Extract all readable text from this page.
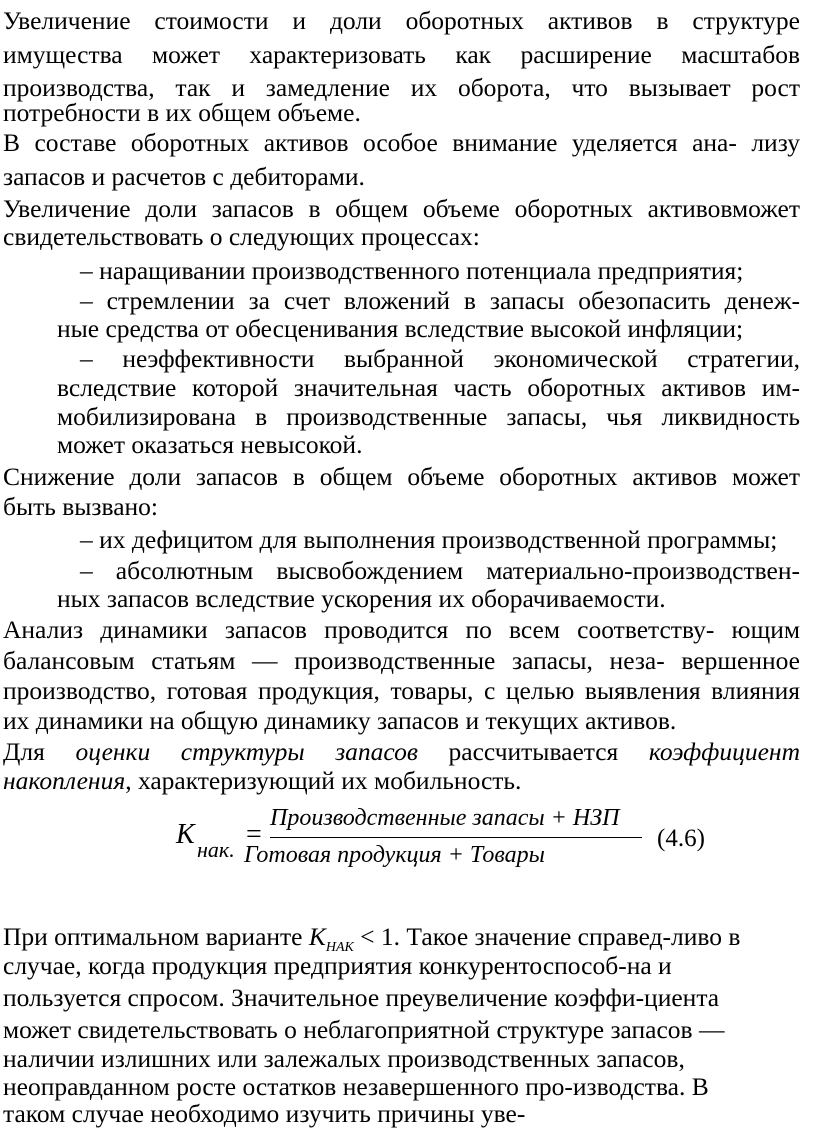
Увеличение стоимости и доли оборотных активов в структуре
имущества может характеризовать как расширение масштабов
производства, так и замедление их оборота, что вызывает рост
потребности в их общем объеме.
В составе оборотных активов особое внимание уделяется ана- лизу
запасов и расчетов с дебиторами.
Увеличение доли запасов в общем объеме оборотных активовможет
свидетельствовать о следующих процессах:
– наращивании производственного потенциала предприятия;
– стремлении за счет вложений в запасы обезопасить денеж-
ные средства от обесценивания вследствие высокой инфляции;
– неэффективности выбранной экономической стратегии,
вследствие которой значительная часть оборотных активов им-
мобилизирована в производственные запасы, чья ликвидность
может оказаться невысокой.
Снижение доли запасов в общем объеме оборотных активов может
быть вызвано:
– их дефицитом для выполнения производственной программы;
– абсолютным высвобождением материально-производствен-
ных запасов вследствие ускорения их оборачиваемости.
Анализ динамики запасов проводится по всем соответству- ющим
балансовым статьям — производственные запасы, неза- вершенное
производство, готовая продукция, товары, с целью выявления влияния
их динамики на общую динамику запасов и текущих активов.
Для оценки структуры запасов рассчитывается коэффициент
накопления, характеризующий их мобильность.
К нак. =
Производственные запасы + НЗП
Готовая продукция + Товары
(4.6)
При оптимальном варианте $К_{НАК} < 1$. Такое значение справед-ливо в
случае, когда продукция предприятия конкурентоспособ-на и
пользуется спросом. Значительное преувеличение коэффи-циента
может свидетельствовать о неблагоприятной структуре запасов —
наличии излишних или залежалых производственных запасов,
неоправданном росте остатков незавершенного про-изводства. В
таком случае необходимо изучить причины уве-
